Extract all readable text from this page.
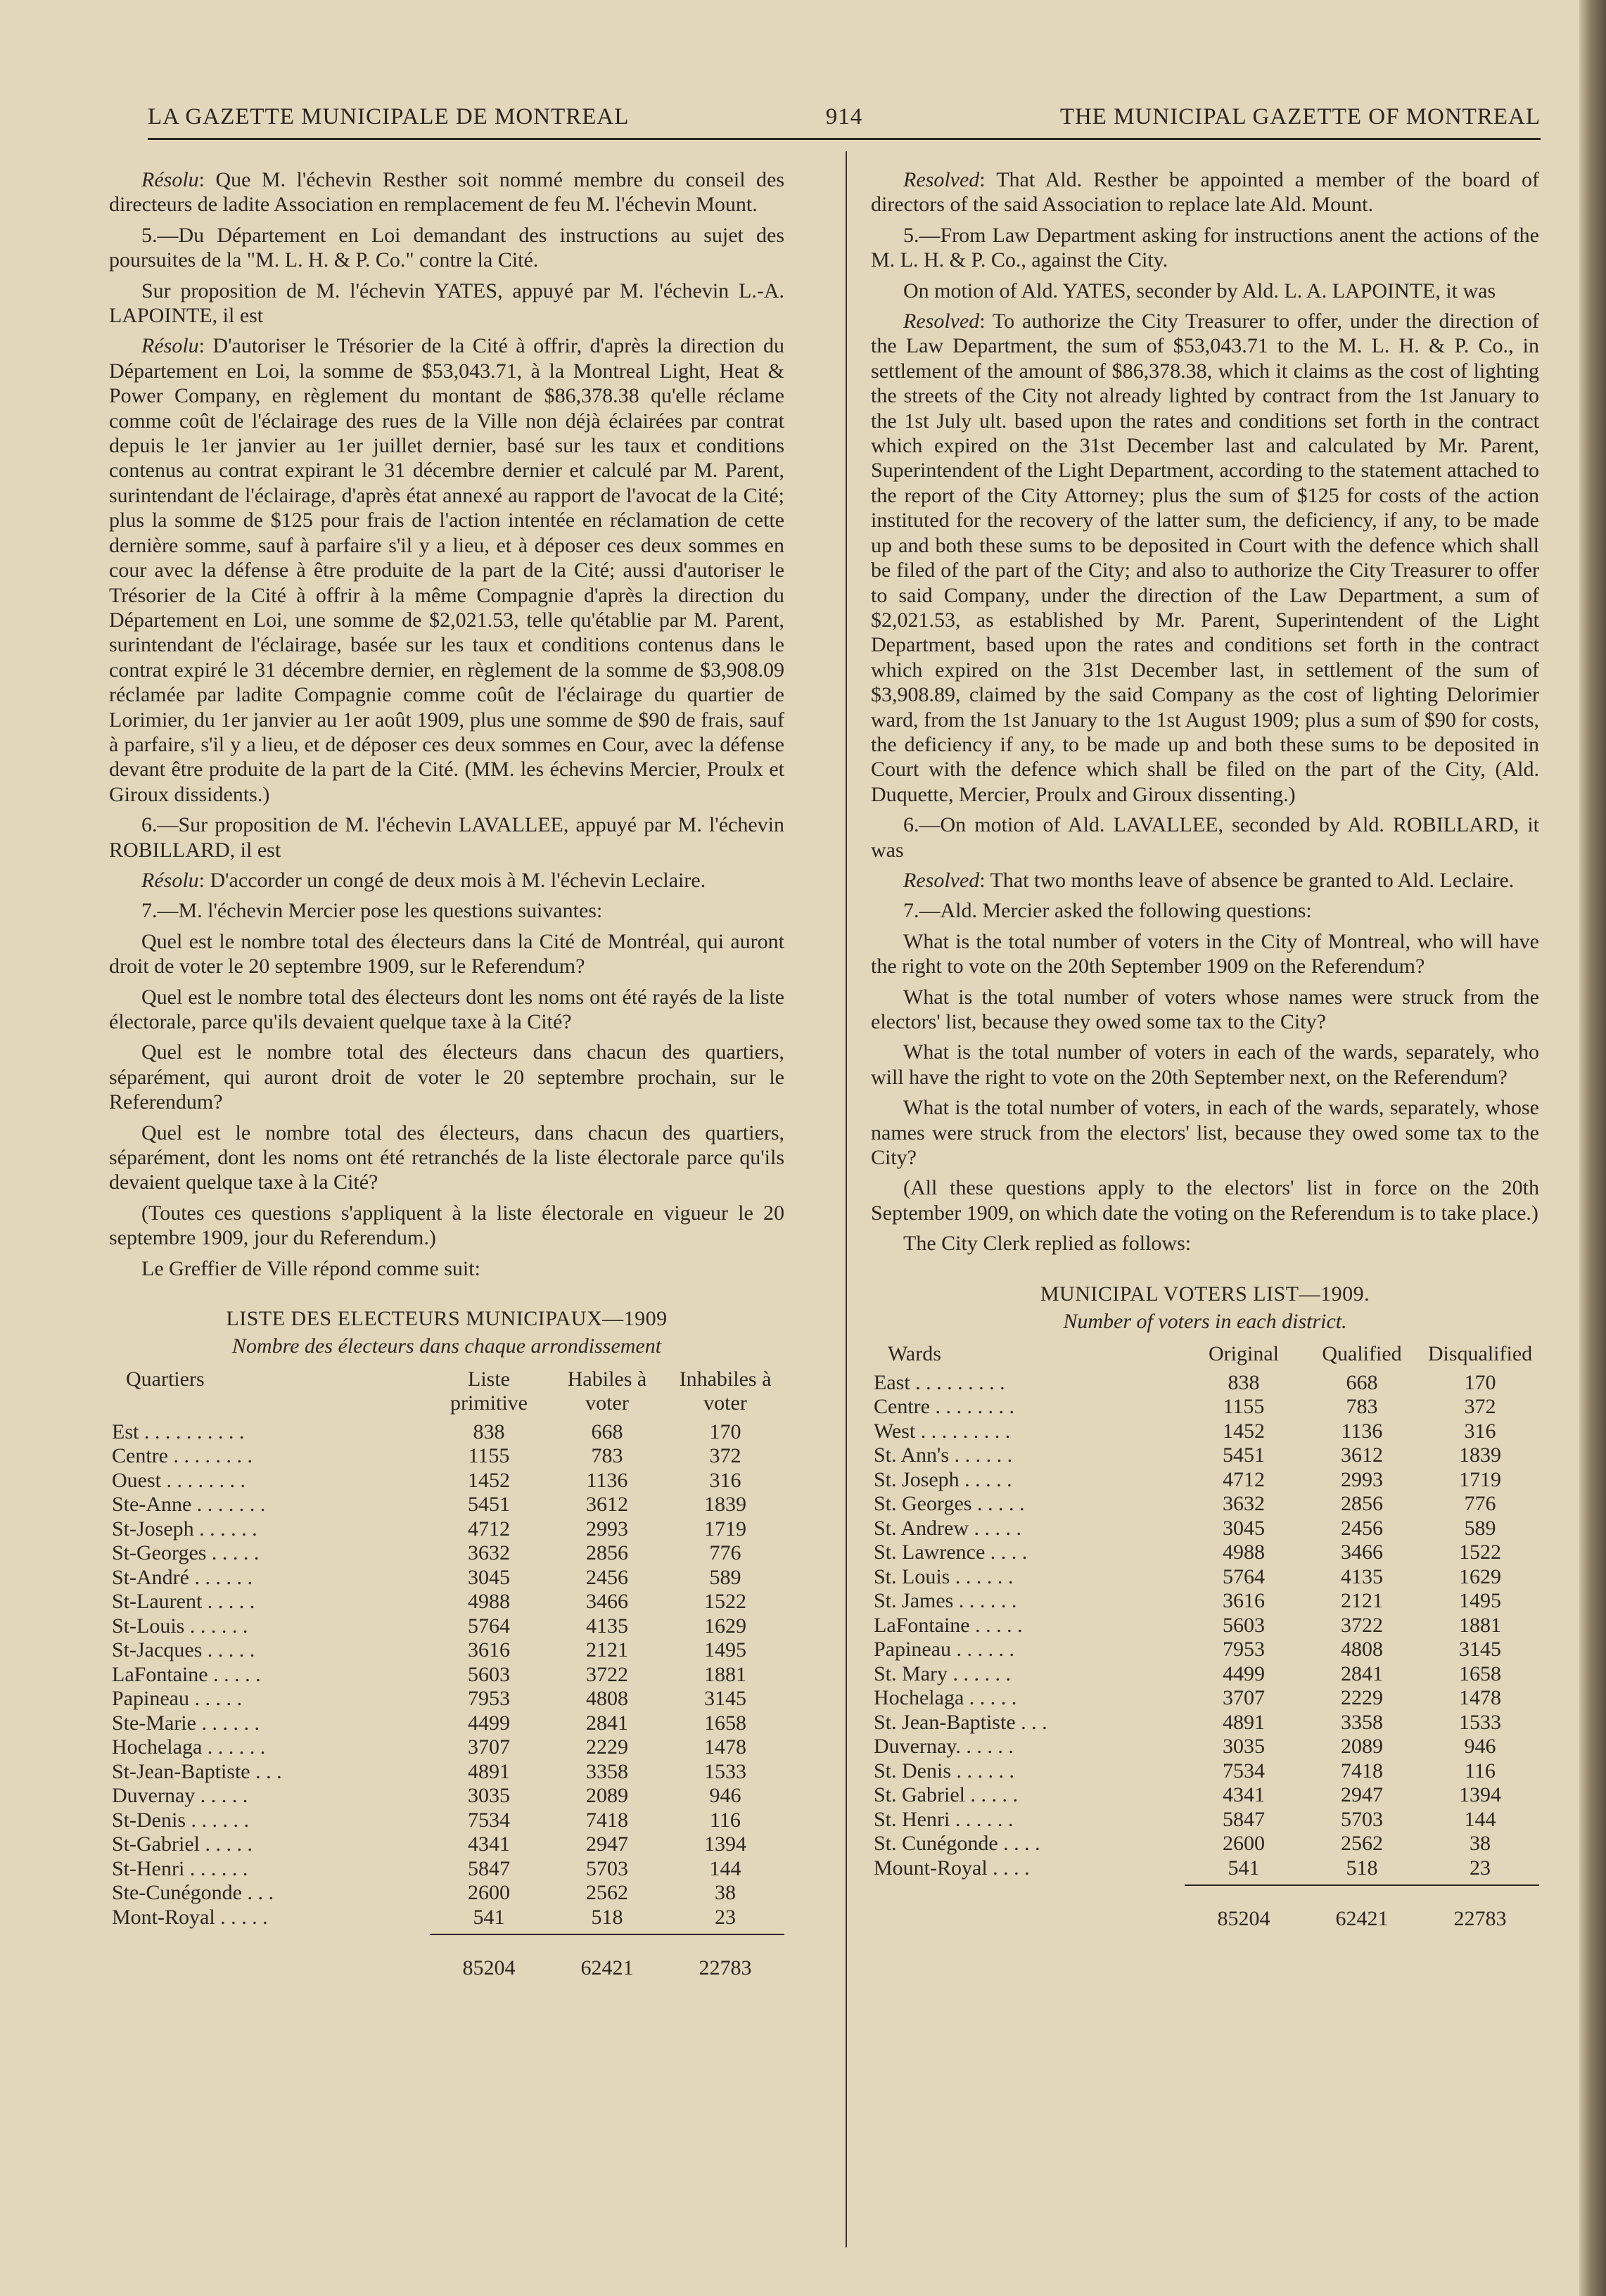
LA GAZETTE MUNICIPALE DE MONTREAL	914	THE MUNICIPAL GAZETTE OF MONTREAL

Résolu: Que M. l'échevin Resther soit nommé membre du conseil des directeurs de ladite Association en remplacement de feu M. l'échevin Mount.

5.—Du Département en Loi demandant des instructions au sujet des poursuites de la "M. L. H. & P. Co." contre la Cité.

Sur proposition de M. l'échevin YATES, appuyé par M. l'échevin L.-A. LAPOINTE, il est

Résolu: D'autoriser le Trésorier de la Cité à offrir, d'après la direction du Département en Loi, la somme de $53,043.71, à la Montreal Light, Heat & Power Company, en règlement du montant de $86,378.38 qu'elle réclame comme coût de l'éclairage des rues de la Ville non déjà éclairées par contrat depuis le 1er janvier au 1er juillet dernier, basé sur les taux et conditions contenus au contrat expirant le 31 décembre dernier et calculé par M. Parent, surintendant de l'éclairage, d'après état annexé au rapport de l'avocat de la Cité; plus la somme de $125 pour frais de l'action intentée en réclamation de cette dernière somme, sauf à parfaire s'il y a lieu, et à déposer ces deux sommes en cour avec la défense à être produite de la part de la Cité; aussi d'autoriser le Trésorier de la Cité à offrir à la même Compagnie d'après la direction du Département en Loi, une somme de $2,021.53, telle qu'établie par M. Parent, surintendant de l'éclairage, basée sur les taux et conditions contenus dans le contrat expiré le 31 décembre dernier, en règlement de la somme de $3,908.09 réclamée par ladite Compagnie comme coût de l'éclairage du quartier de Lorimier, du 1er janvier au 1er août 1909, plus une somme de $90 de frais, sauf à parfaire, s'il y a lieu, et de déposer ces deux sommes en Cour, avec la défense devant être produite de la part de la Cité. (MM. les échevins Mercier, Proulx et Giroux dissidents.)

6.—Sur proposition de M. l'échevin LAVALLEE, appuyé par M. l'échevin ROBILLARD, il est

Résolu: D'accorder un congé de deux mois à M. l'échevin Leclaire.

7.—M. l'échevin Mercier pose les questions suivantes:

Quel est le nombre total des électeurs dans la Cité de Montréal, qui auront droit de voter le 20 septembre 1909, sur le Referendum?

Quel est le nombre total des électeurs dont les noms ont été rayés de la liste électorale, parce qu'ils devaient quelque taxe à la Cité?

Quel est le nombre total des électeurs dans chacun des quartiers, séparément, qui auront droit de voter le 20 septembre prochain, sur le Referendum?

Quel est le nombre total des électeurs, dans chacun des quartiers, séparément, dont les noms ont été retranchés de la liste électorale parce qu'ils devaient quelque taxe à la Cité?

(Toutes ces questions s'appliquent à la liste électorale en vigueur le 20 septembre 1909, jour du Referendum.)

Le Greffier de Ville répond comme suit:

LISTE DES ELECTEURS MUNICIPAUX—1909
Nombre des électeurs dans chaque arrondissement
Quartiers	Liste primitive	Habiles à voter	Inhabiles à voter
Est . . . . . . . . . .	838	668	170
Centre . . . . . . . .	1155	783	372
Ouest . . . . . . . .	1452	1136	316
Ste-Anne . . . . . . .	5451	3612	1839
St-Joseph . . . . . .	4712	2993	1719
St-Georges . . . . .	3632	2856	776
St-André . . . . . .	3045	2456	589
St-Laurent . . . . .	4988	3466	1522
St-Louis . . . . . .	5764	4135	1629
St-Jacques . . . . .	3616	2121	1495
LaFontaine . . . . .	5603	3722	1881
Papineau . . . . .	7953	4808	3145
Ste-Marie . . . . . .	4499	2841	1658
Hochelaga . . . . . .	3707	2229	1478
St-Jean-Baptiste . . .	4891	3358	1533
Duvernay . . . . .	3035	2089	946
St-Denis . . . . . .	7534	7418	116
St-Gabriel . . . . .	4341	2947	1394
St-Henri . . . . . .	5847	5703	144
Ste-Cunégonde . . .	2600	2562	38
Mont-Royal . . . . .	541	518	23

	85204	62421	22783

Resolved: That Ald. Resther be appointed a member of the board of directors of the said Association to replace late Ald. Mount.

5.—From Law Department asking for instructions anent the actions of the M. L. H. & P. Co., against the City.

On motion of Ald. YATES, seconder by Ald. L. A. LAPOINTE, it was

Resolved: To authorize the City Treasurer to offer, under the direction of the Law Department, the sum of $53,043.71 to the M. L. H. & P. Co., in settlement of the amount of $86,378.38, which it claims as the cost of lighting the streets of the City not already lighted by contract from the 1st January to the 1st July ult. based upon the rates and conditions set forth in the contract which expired on the 31st December last and calculated by Mr. Parent, Superintendent of the Light Department, according to the statement attached to the report of the City Attorney; plus the sum of $125 for costs of the action instituted for the recovery of the latter sum, the deficiency, if any, to be made up and both these sums to be deposited in Court with the defence which shall be filed of the part of the City; and also to authorize the City Treasurer to offer to said Company, under the direction of the Law Department, a sum of $2,021.53, as established by Mr. Parent, Superintendent of the Light Department, based upon the rates and conditions set forth in the contract which expired on the 31st December last, in settlement of the sum of $3,908.89, claimed by the said Company as the cost of lighting Delorimier ward, from the 1st January to the 1st August 1909; plus a sum of $90 for costs, the deficiency if any, to be made up and both these sums to be deposited in Court with the defence which shall be filed on the part of the City, (Ald. Duquette, Mercier, Proulx and Giroux dissenting.)

6.—On motion of Ald. LAVALLEE, seconded by Ald. ROBILLARD, it was

Resolved: That two months leave of absence be granted to Ald. Leclaire.

7.—Ald. Mercier asked the following questions:

What is the total number of voters in the City of Montreal, who will have the right to vote on the 20th September 1909 on the Referendum?

What is the total number of voters whose names were struck from the electors' list, because they owed some tax to the City?

What is the total number of voters in each of the wards, separately, who will have the right to vote on the 20th September next, on the Referendum?

What is the total number of voters, in each of the wards, separately, whose names were struck from the electors' list, because they owed some tax to the City?

(All these questions apply to the electors' list in force on the 20th September 1909, on which date the voting on the Referendum is to take place.)

The City Clerk replied as follows:

MUNICIPAL VOTERS LIST—1909.
Number of voters in each district.
Wards	Original	Qualified	Disqualified
East . . . . . . . . .	838	668	170
Centre . . . . . . . .	1155	783	372
West . . . . . . . . .	1452	1136	316
St. Ann's . . . . . .	5451	3612	1839
St. Joseph . . . . .	4712	2993	1719
St. Georges . . . . .	3632	2856	776
St. Andrew . . . . .	3045	2456	589
St. Lawrence . . . .	4988	3466	1522
St. Louis . . . . . .	5764	4135	1629
St. James . . . . . .	3616	2121	1495
LaFontaine . . . . .	5603	3722	1881
Papineau . . . . . .	7953	4808	3145
St. Mary . . . . . .	4499	2841	1658
Hochelaga . . . . .	3707	2229	1478
St. Jean-Baptiste . . .	4891	3358	1533
Duvernay. . . . . .	3035	2089	946
St. Denis . . . . . .	7534	7418	116
St. Gabriel . . . . .	4341	2947	1394
St. Henri . . . . . .	5847	5703	144
St. Cunégonde . . . .	2600	2562	38
Mount-Royal . . . .	541	518	23

	85204	62421	22783
